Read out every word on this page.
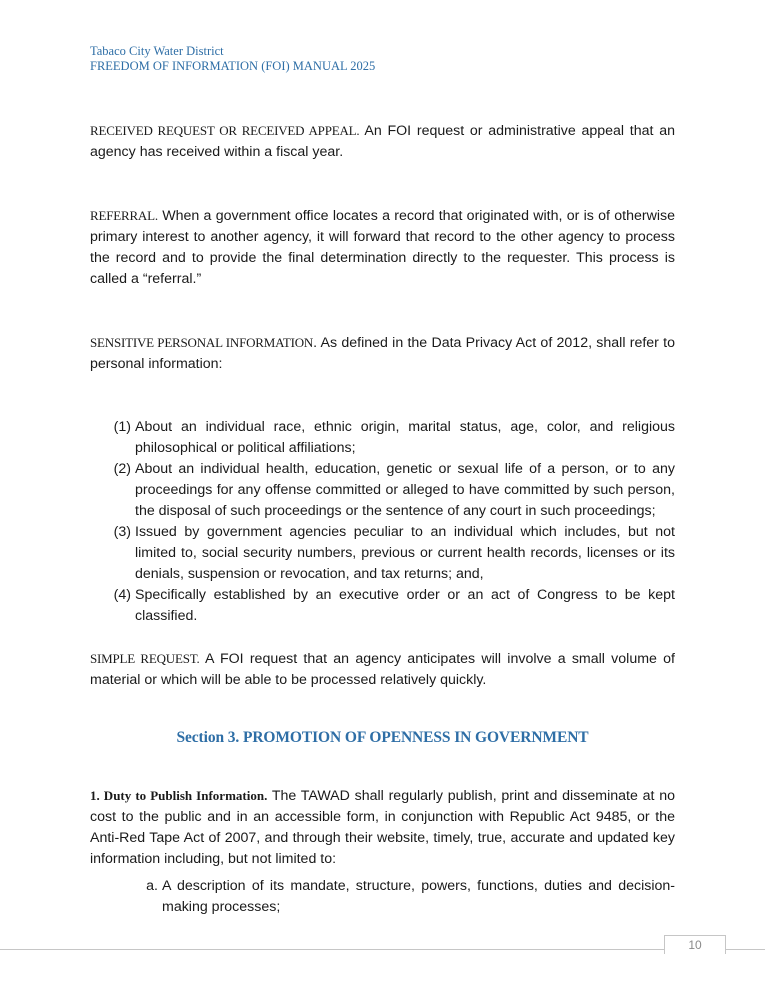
Tabaco City Water District
FREEDOM OF INFORMATION (FOI) MANUAL 2025

RECEIVED REQUEST OR RECEIVED APPEAL. An FOI request or administrative appeal that an agency has received within a fiscal year.

REFERRAL. When a government office locates a record that originated with, or is of otherwise primary interest to another agency, it will forward that record to the other agency to process the record and to provide the final determination directly to the requester. This process is called a “referral.”

SENSITIVE PERSONAL INFORMATION. As defined in the Data Privacy Act of 2012, shall refer to personal information:

(1) About an individual race, ethnic origin, marital status, age, color, and religious philosophical or political affiliations;
(2) About an individual health, education, genetic or sexual life of a person, or to any proceedings for any offense committed or alleged to have committed by such person, the disposal of such proceedings or the sentence of any court in such proceedings;
(3) Issued by government agencies peculiar to an individual which includes, but not limited to, social security numbers, previous or current health records, licenses or its denials, suspension or revocation, and tax returns; and,
(4) Specifically established by an executive order or an act of Congress to be kept classified.

SIMPLE REQUEST. A FOI request that an agency anticipates will involve a small volume of material or which will be able to be processed relatively quickly.

Section 3. PROMOTION OF OPENNESS IN GOVERNMENT

1. Duty to Publish Information. The TAWAD shall regularly publish, print and disseminate at no cost to the public and in an accessible form, in conjunction with Republic Act 9485, or the Anti-Red Tape Act of 2007, and through their website, timely, true, accurate and updated key information including, but not limited to:

a. A description of its mandate, structure, powers, functions, duties and decision-making processes;
10
